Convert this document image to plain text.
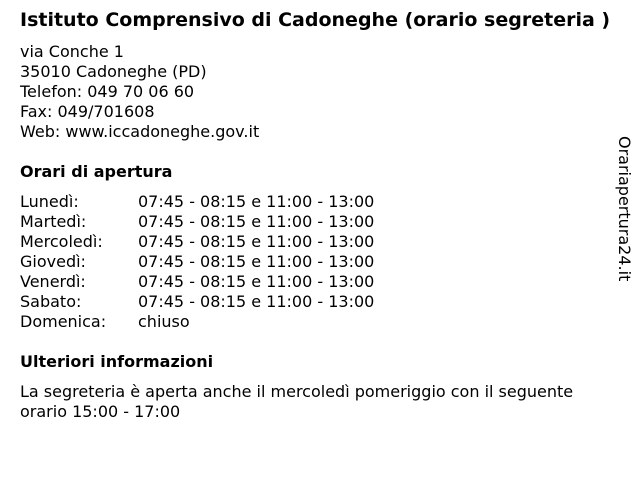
Istituto Comprensivo di Cadoneghe (orario segreteria )
via Conche 1
35010 Cadoneghe (PD)
Telefon: 049 70 06 60
Fax: 049/701608
Web: www.iccadoneghe.gov.it
Orari di apertura
Lunedì:	07:45 - 08:15 e 11:00 - 13:00
Martedì:	07:45 - 08:15 e 11:00 - 13:00
Mercoledì:	07:45 - 08:15 e 11:00 - 13:00
Giovedì:	07:45 - 08:15 e 11:00 - 13:00
Venerdì:	07:45 - 08:15 e 11:00 - 13:00
Sabato:	07:45 - 08:15 e 11:00 - 13:00
Domenica:	chiuso
Ulteriori informazioni
La segreteria è aperta anche il mercoledì pomeriggio con il seguente
orario 15:00 - 17:00
Orariapertura24.it
